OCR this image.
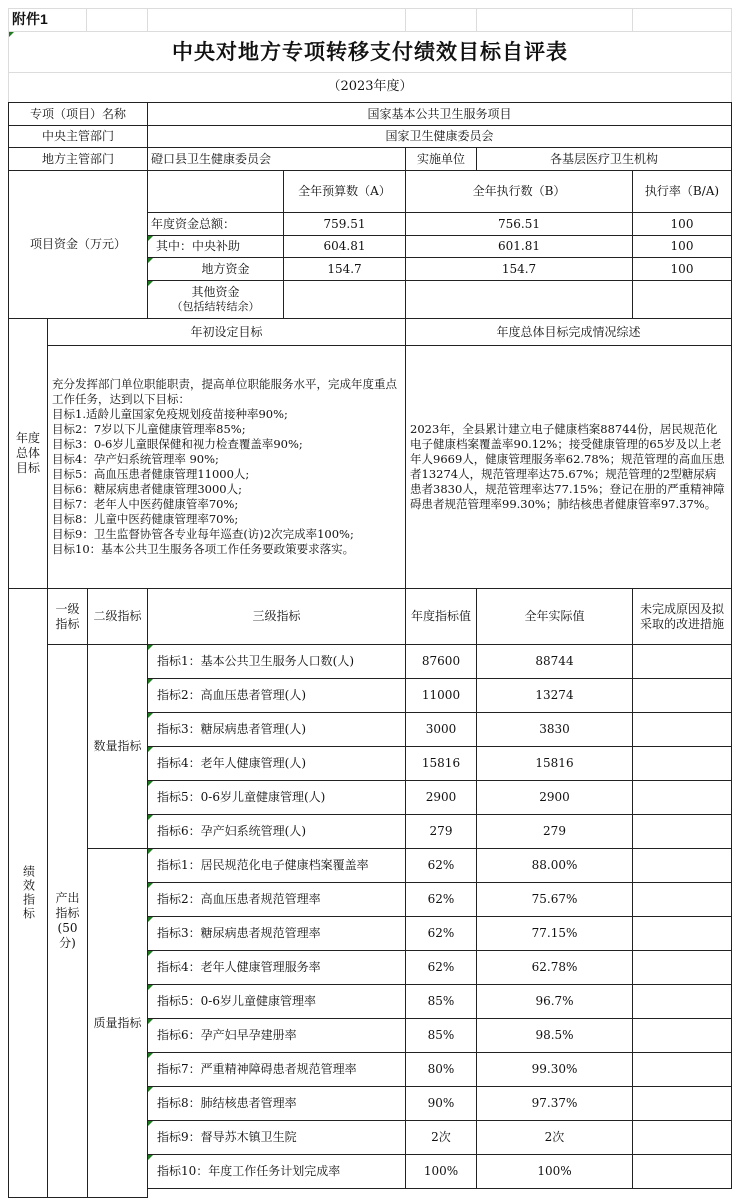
附件1
中央对地方专项转移支付绩效目标自评表
（2023年度）
专项（项目）名称	国家基本公共卫生服务项目
中央主管部门	国家卫生健康委员会
地方主管部门	磴口县卫生健康委员会	实施单位	各基层医疗卫生机构
项目资金（万元）
全年预算数（A）	全年执行数（B）	执行率（B/A)
年度资金总额：	759.51	756.51	100
其中：中央补助	604.81	601.81	100
地方资金	154.7	154.7	100
其他资金
（包括结转结余）
年度总体目标
年初设定目标	年度总体目标完成情况综述
充分发挥部门单位职能职责，提高单位职能服务水平，完成年度重点工作任务，达到以下目标：
目标1.适龄儿童国家免疫规划疫苗接种率90%;
目标2：7岁以下儿童健康管理率85%;
目标3：0-6岁儿童眼保健和视力检查覆盖率90%;
目标4：孕产妇系统管理率 90%;
目标5：高血压患者健康管理11000人;
目标6：糖尿病患者健康管理3000人;
目标7：老年人中医药健康管率70%;
目标8：儿童中医药健康管理率70%;
目标9：卫生监督协管各专业每年巡查(访)2次完成率100%;
目标10：基本公共卫生服务各项工作任务要政策要求落实。
2023年，全县累计建立电子健康档案88744份，居民规范化电子健康档案覆盖率90.12%；接受健康管理的65岁及以上老年人9669人，健康管理服务率62.78%；规范管理的高血压患者13274人，规范管理率达75.67%；规范管理的2型糖尿病患者3830人，规范管理率达77.15%；登记在册的严重精神障碍患者规范管理率99.30%；肺结核患者健康管率97.37%。
绩效指标
一级指标
二级指标	三级指标	年度指标值	全年实际值
未完成原因及拟采取的改进措施
产出指标(50分)
数量指标
质量指标
指标1：基本公共卫生服务人口数(人)	87600	88744
指标2：高血压患者管理(人)	11000	13274
指标3：糖尿病患者管理(人)	3000	3830
指标4：老年人健康管理(人)	15816	15816
指标5：0-6岁儿童健康管理(人)	2900	2900
指标6：孕产妇系统管理(人)	279	279
指标1：居民规范化电子健康档案覆盖率	62%	88.00%
指标2：高血压患者规范管理率	62%	75.67%
指标3：糖尿病患者规范管理率	62%	77.15%
指标4：老年人健康管理服务率	62%	62.78%
指标5：0-6岁儿童健康管理率	85%	96.7%
指标6：孕产妇早孕建册率	85%	98.5%
指标7：严重精神障碍患者规范管理率	80%	99.30%
指标8：肺结核患者管理率	90%	97.37%
指标9：督导苏木镇卫生院	2次	2次
指标10：年度工作任务计划完成率	100%	100%
